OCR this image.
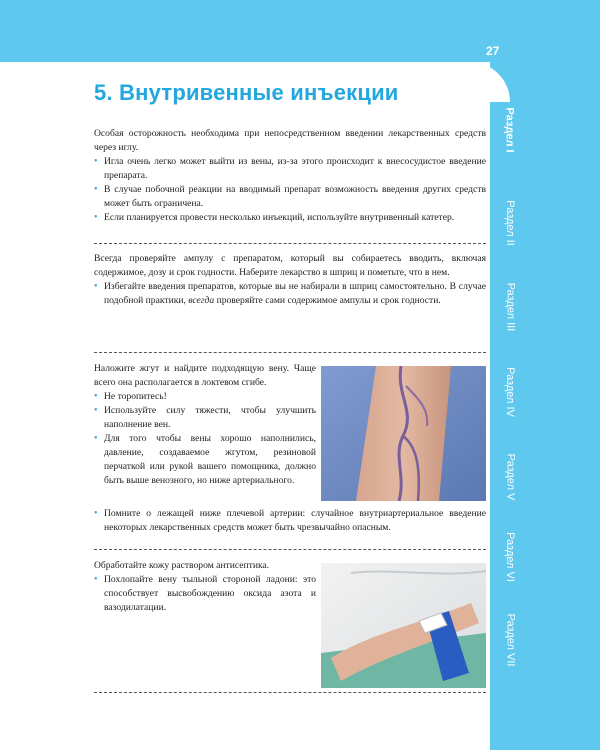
27
Раздел I
Раздел II
Раздел III
Раздел IV
Раздел V
Раздел VI
Раздел VII
5. Внутривенные инъекции

Особая осторожность необходима при непосредственном введении лекарственных средств через иглу.

• Игла очень легко может выйти из вены, из-за этого происходит к внесосудистое введение препарата.
• В случае побочной реакции на вводимый препарат возможность введения других средств может быть ограничена.
• Если планируется провести несколько инъекций, используйте внутривенный катетер.

Всегда проверяйте ампулу с препаратом, который вы собираетесь вводить, включая содержимое, дозу и срок годности. Наберите лекарство в шприц и пометьте, что в нем.

• Избегайте введения препаратов, которые вы не набирали в шприц самостоятельно. В случае подобной практики, всегда проверяйте сами содержимое ампулы и срок годности.

Наложите жгут и найдите подходящую вену. Чаще всего она располагается в локтевом сгибе.

• Не торопитесь!
• Используйте силу тяжести, чтобы улучшить наполнение вен.
• Для того чтобы вены хорошо наполнились, давление, создаваемое жгутом, резиновой перчаткой или рукой вашего помощника, должно быть выше венозного, но ниже артериального.
• Помните о лежащей ниже плечевой артерии: случайное внутриартериальное введение некоторых лекарственных средств может быть чрезвычайно опасным.

Обработайте кожу раствором антисептика.

• Похлопайте вену тыльной стороной ладони: это способствует высвобождению оксида азота и вазодилатации.
